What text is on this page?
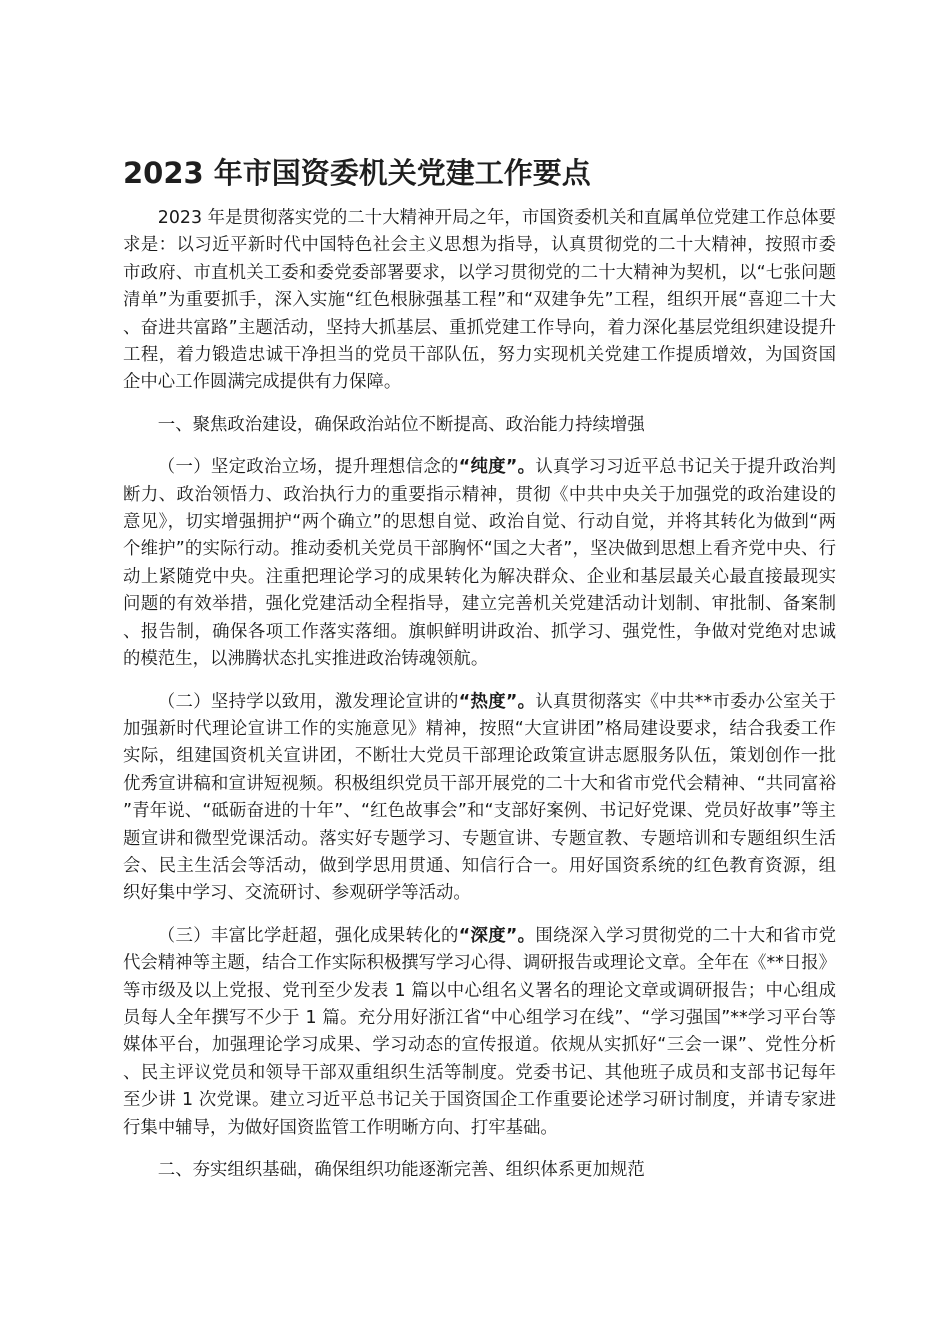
2023 年市国资委机关党建工作要点

2023 年是贯彻落实党的二十大精神开局之年，市国资委机关和直属单位党建工作总体要求是：以习近平新时代中国特色社会主义思想为指导，认真贯彻党的二十大精神，按照市委市政府、市直机关工委和委党委部署要求，以学习贯彻党的二十大精神为契机，以“七张问题清单”为重要抓手，深入实施“红色根脉强基工程”和“双建争先”工程，组织开展“喜迎二十大、奋进共富路”主题活动，坚持大抓基层、重抓党建工作导向，着力深化基层党组织建设提升工程，着力锻造忠诚干净担当的党员干部队伍，努力实现机关党建工作提质增效，为国资国企中心工作圆满完成提供有力保障。

一、聚焦政治建设，确保政治站位不断提高、政治能力持续增强

（一）坚定政治立场，提升理想信念的“纯度”。认真学习习近平总书记关于提升政治判断力、政治领悟力、政治执行力的重要指示精神，贯彻《中共中央关于加强党的政治建设的意见》，切实增强拥护“两个确立”的思想自觉、政治自觉、行动自觉，并将其转化为做到“两个维护”的实际行动。推动委机关党员干部胸怀“国之大者”，坚决做到思想上看齐党中央、行动上紧随党中央。注重把理论学习的成果转化为解决群众、企业和基层最关心最直接最现实问题的有效举措，强化党建活动全程指导，建立完善机关党建活动计划制、审批制、备案制、报告制，确保各项工作落实落细。旗帜鲜明讲政治、抓学习、强党性，争做对党绝对忠诚的模范生，以沸腾状态扎实推进政治铸魂领航。

（二）坚持学以致用，激发理论宣讲的“热度”。认真贯彻落实《中共**市委办公室关于加强新时代理论宣讲工作的实施意见》精神，按照“大宣讲团”格局建设要求，结合我委工作实际，组建国资机关宣讲团，不断壮大党员干部理论政策宣讲志愿服务队伍，策划创作一批优秀宣讲稿和宣讲短视频。积极组织党员干部开展党的二十大和省市党代会精神、“共同富裕”青年说、“砥砺奋进的十年”、“红色故事会”和“支部好案例、书记好党课、党员好故事”等主题宣讲和微型党课活动。落实好专题学习、专题宣讲、专题宣教、专题培训和专题组织生活会、民主生活会等活动，做到学思用贯通、知信行合一。用好国资系统的红色教育资源，组织好集中学习、交流研讨、参观研学等活动。

（三）丰富比学赶超，强化成果转化的“深度”。围绕深入学习贯彻党的二十大和省市党代会精神等主题，结合工作实际积极撰写学习心得、调研报告或理论文章。全年在《**日报》等市级及以上党报、党刊至少发表 1 篇以中心组名义署名的理论文章或调研报告；中心组成员每人全年撰写不少于 1 篇。充分用好浙江省“中心组学习在线”、“学习强国”**学习平台等媒体平台，加强理论学习成果、学习动态的宣传报道。依规从实抓好“三会一课”、党性分析、民主评议党员和领导干部双重组织生活等制度。党委书记、其他班子成员和支部书记每年至少讲 1 次党课。建立习近平总书记关于国资国企工作重要论述学习研讨制度，并请专家进行集中辅导，为做好国资监管工作明晰方向、打牢基础。

二、夯实组织基础，确保组织功能逐渐完善、组织体系更加规范
